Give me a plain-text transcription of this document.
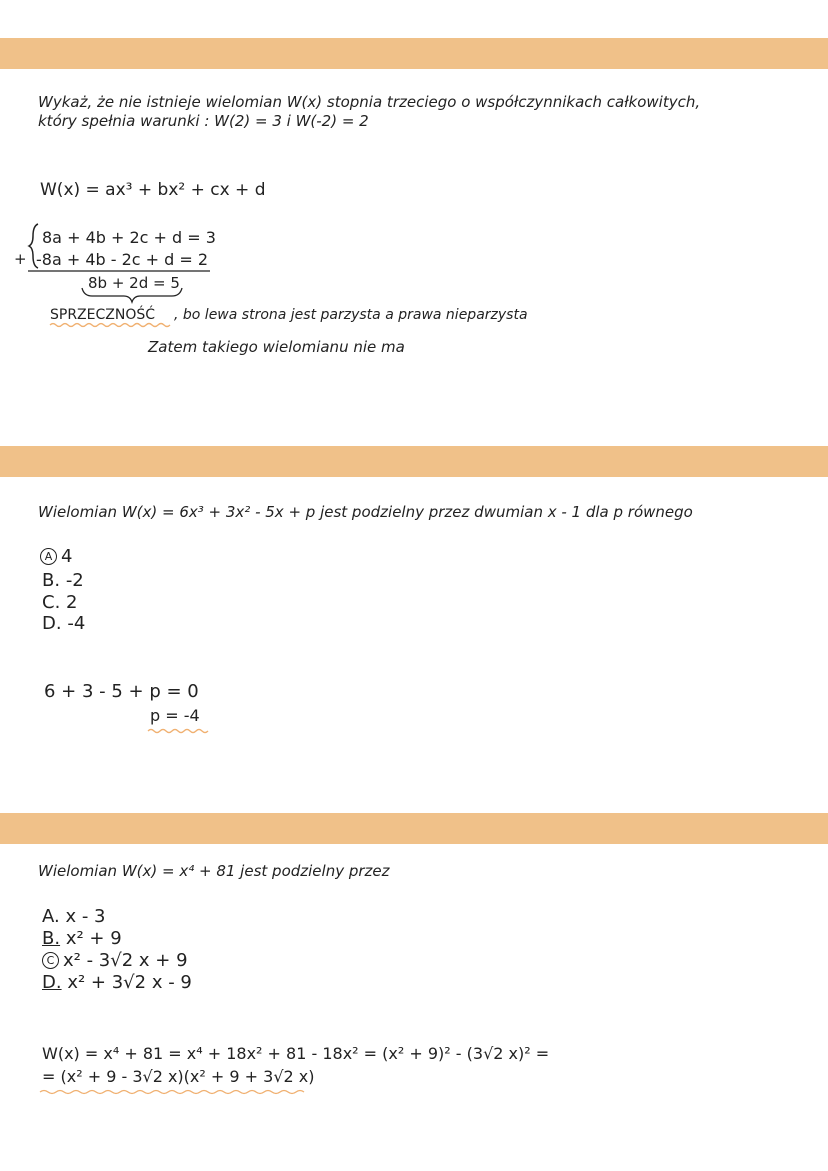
Wykaż, że nie istnieje wielomian W(x) stopnia trzeciego o współczynnikach całkowitych,
który spełnia warunki : W(2) = 3 i W(-2) = 2
W(x) = ax³ + bx² + cx + d
8a + 4b + 2c + d = 3
+ -8a + 4b - 2c + d = 2
8b + 2d = 5
SPRZECZNOŚĆ , bo lewa strona jest parzysta a prawa nieparzysta
Zatem takiego wielomianu nie ma
Wielomian W(x) = 6x³ + 3x² - 5x + p jest podzielny przez dwumian x - 1 dla p równego
A 4
B. -2
C. 2
D. -4
6 + 3 - 5 + p = 0
p = -4
Wielomian W(x) = x⁴ + 81 jest podzielny przez
A. x - 3
B. x² + 9
C x² - 3√2 x + 9
D. x² + 3√2 x - 9
W(x) = x⁴ + 81 = x⁴ + 18x² + 81 - 18x² = (x² + 9)² - (3√2 x)² =
= (x² + 9 - 3√2 x)(x² + 9 + 3√2 x)
